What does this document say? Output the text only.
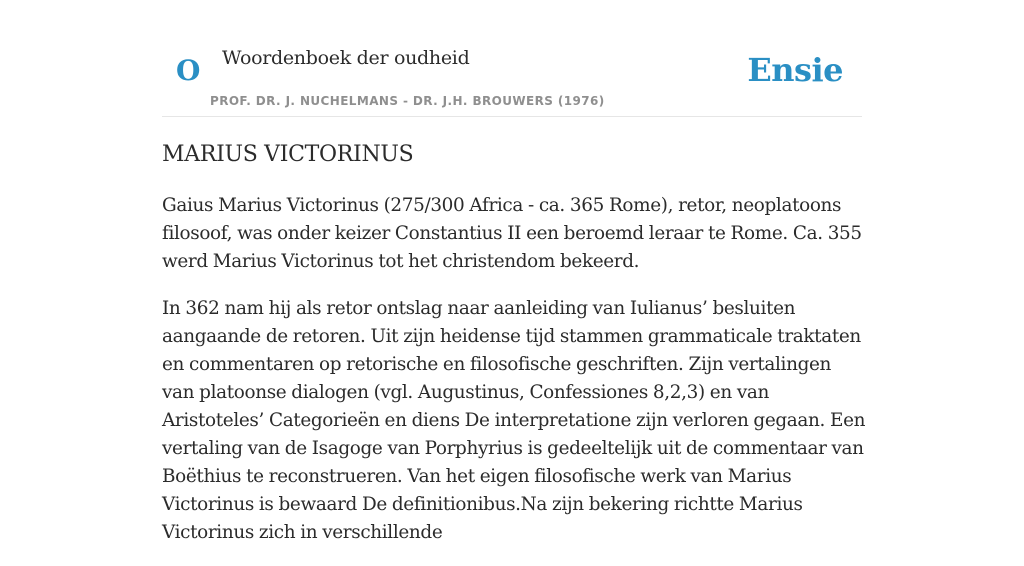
O Woordenboek der oudheid
PROF. DR. J. NUCHELMANS - DR. J.H. BROUWERS (1976)
Ensie
MARIUS VICTORINUS

Gaius Marius Victorinus (275/300 Africa - ca. 365 Rome), retor, neoplatoons filosoof, was onder keizer Constantius II een beroemd leraar te Rome. Ca. 355 werd Marius Victorinus tot het christendom bekeerd.

In 362 nam hij als retor ontslag naar aanleiding van Iulianus’ besluiten aangaande de retoren. Uit zijn heidense tijd stammen grammaticale traktaten en commentaren op retorische en filosofische geschriften. Zijn vertalingen van platoonse dialogen (vgl. Augustinus, Confessiones 8,2,3) en van Aristoteles’ Categorieën en diens De interpretatione zijn verloren gegaan. Een vertaling van de Isagoge van Porphyrius is gedeeltelijk uit de commentaar van Boëthius te reconstrueren. Van het eigen filosofische werk van Marius Victorinus is bewaard De definitionibus.Na zijn bekering richtte Marius Victorinus zich in verschillende
